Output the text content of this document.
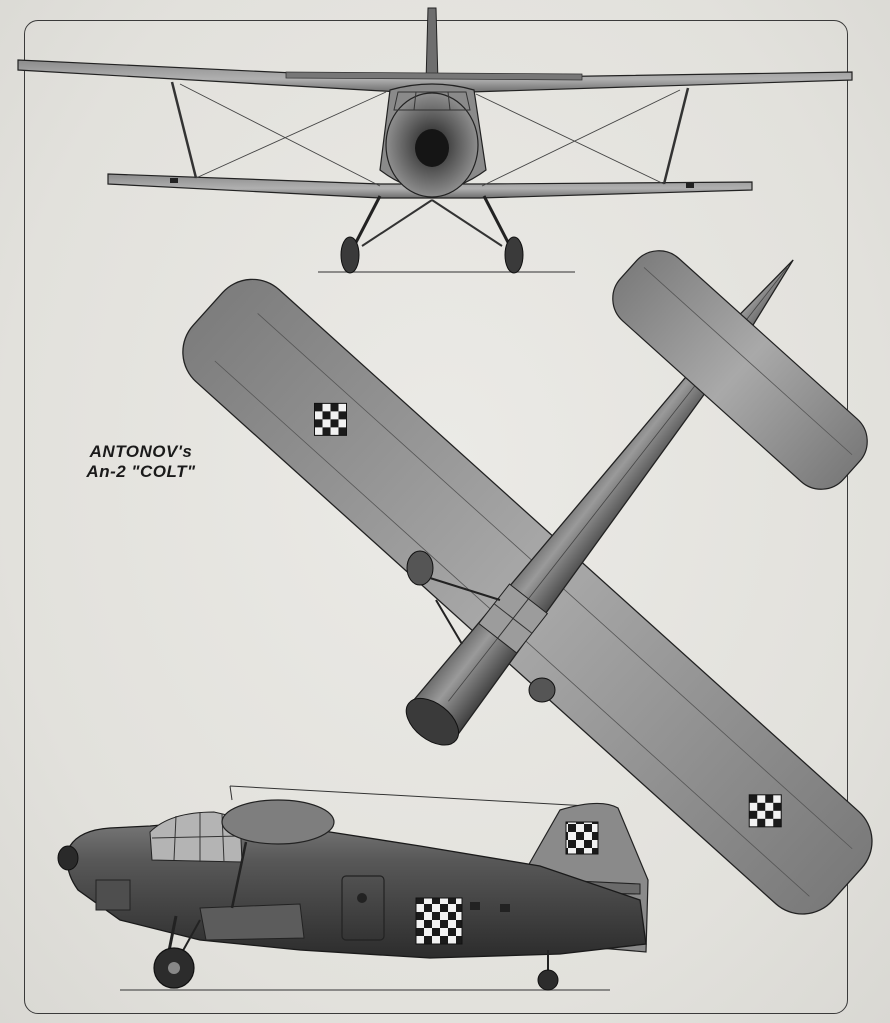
ANTONOV's
An-2 "COLT"
